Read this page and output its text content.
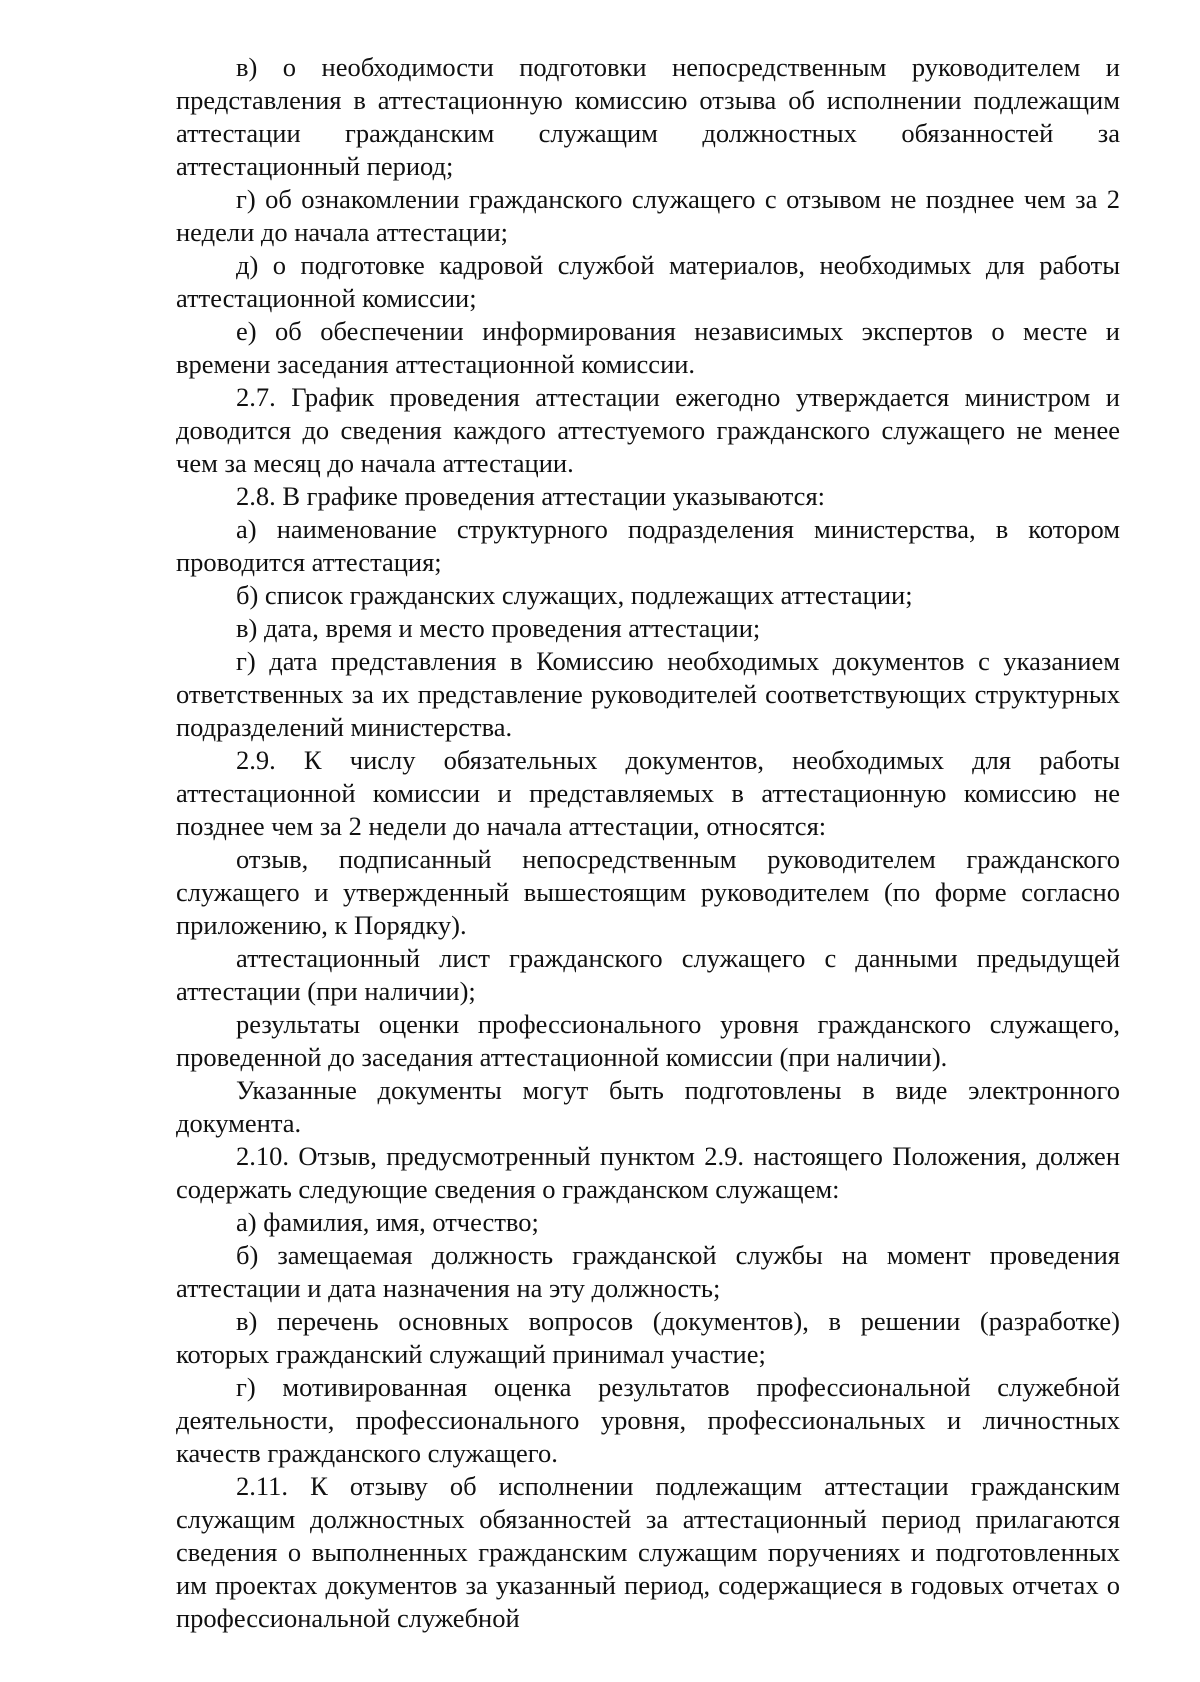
в) о необходимости подготовки непосредственным руководителем и представления в аттестационную комиссию отзыва об исполнении подлежащим аттестации гражданским служащим должностных обязанностей за аттестационный период;

г) об ознакомлении гражданского служащего с отзывом не позднее чем за 2 недели до начала аттестации;

д) о подготовке кадровой службой материалов, необходимых для работы аттестационной комиссии;

е) об обеспечении информирования независимых экспертов о месте и времени заседания аттестационной комиссии.

2.7. График проведения аттестации ежегодно утверждается министром и доводится до сведения каждого аттестуемого гражданского служащего не менее чем за месяц до начала аттестации.

2.8. В графике проведения аттестации указываются:

а) наименование структурного подразделения министерства, в котором проводится аттестация;

б) список гражданских служащих, подлежащих аттестации;

в) дата, время и место проведения аттестации;

г) дата представления в Комиссию необходимых документов с указанием ответственных за их представление руководителей соответствующих структурных подразделений министерства.

2.9. К числу обязательных документов, необходимых для работы аттестационной комиссии и представляемых в аттестационную комиссию не позднее чем за 2 недели до начала аттестации, относятся:

отзыв, подписанный непосредственным руководителем гражданского служащего и утвержденный вышестоящим руководителем (по форме согласно приложению, к Порядку).

аттестационный лист гражданского служащего с данными предыдущей аттестации (при наличии);

результаты оценки профессионального уровня гражданского служащего, проведенной до заседания аттестационной комиссии (при наличии).

Указанные документы могут быть подготовлены в виде электронного документа.

2.10. Отзыв, предусмотренный пунктом 2.9. настоящего Положения, должен содержать следующие сведения о гражданском служащем:

а) фамилия, имя, отчество;

б) замещаемая должность гражданской службы на момент проведения аттестации и дата назначения на эту должность;

в) перечень основных вопросов (документов), в решении (разработке) которых гражданский служащий принимал участие;

г) мотивированная оценка результатов профессиональной служебной деятельности, профессионального уровня, профессиональных и личностных качеств гражданского служащего.

2.11. К отзыву об исполнении подлежащим аттестации гражданским служащим должностных обязанностей за аттестационный период прилагаются сведения о выполненных гражданским служащим поручениях и подготовленных им проектах документов за указанный период, содержащиеся в годовых отчетах о профессиональной служебной
